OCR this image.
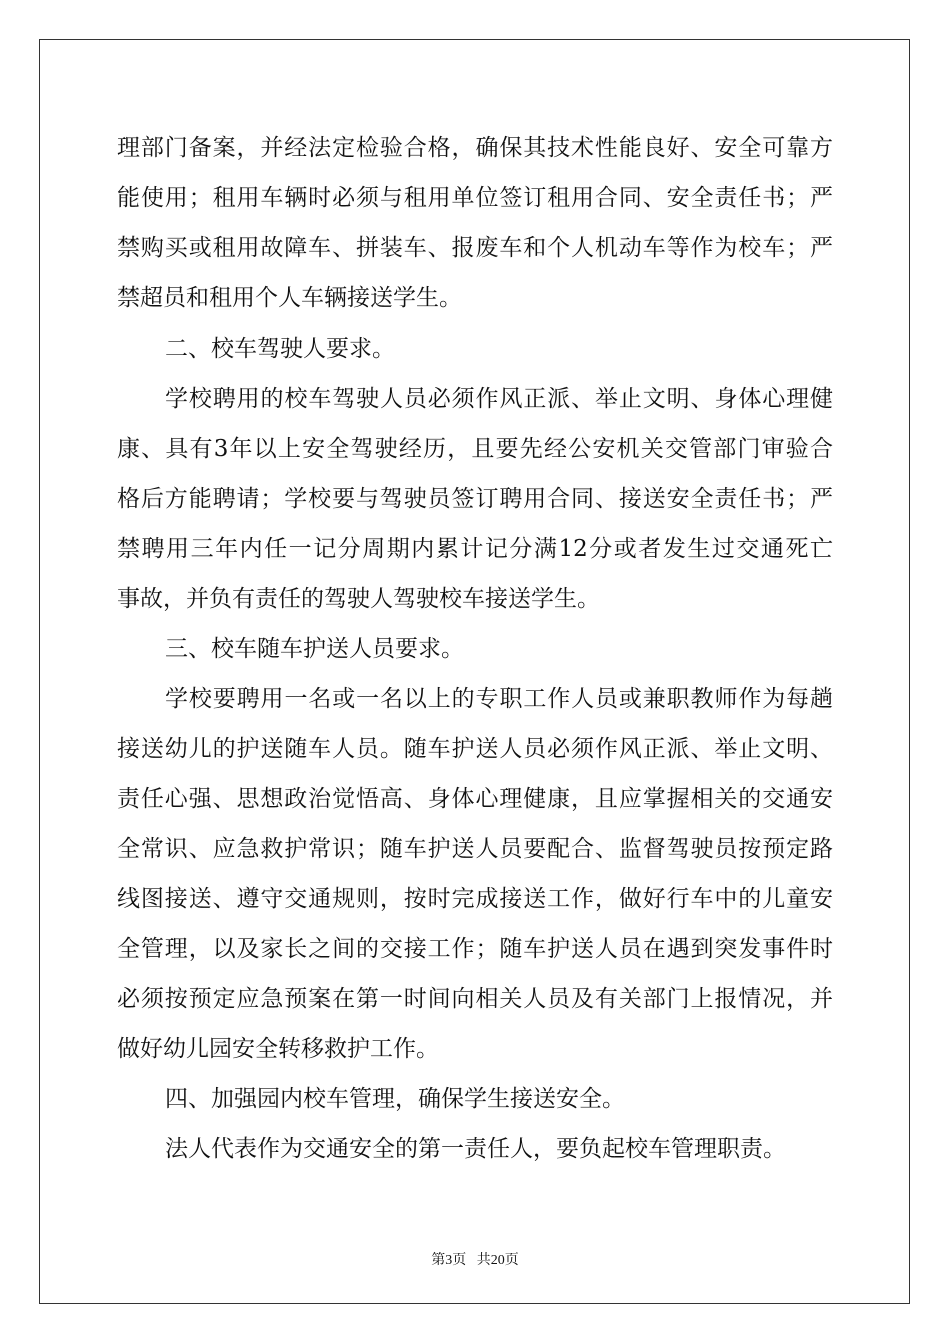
理部门备案，并经法定检验合格，确保其技术性能良好、安全可靠方

能使用；租用车辆时必须与租用单位签订租用合同、安全责任书；严

禁购买或租用故障车、拼装车、报废车和个人机动车等作为校车；严

禁超员和租用个人车辆接送学生。

二、校车驾驶人要求。

学校聘用的校车驾驶人员必须作风正派、举止文明、身体心理健

康、具有3年以上安全驾驶经历，且要先经公安机关交管部门审验合

格后方能聘请；学校要与驾驶员签订聘用合同、接送安全责任书；严

禁聘用三年内任一记分周期内累计记分满12分或者发生过交通死亡

事故，并负有责任的驾驶人驾驶校车接送学生。

三、校车随车护送人员要求。

学校要聘用一名或一名以上的专职工作人员或兼职教师作为每趟

接送幼儿的护送随车人员。随车护送人员必须作风正派、举止文明、

责任心强、思想政治觉悟高、身体心理健康，且应掌握相关的交通安

全常识、应急救护常识；随车护送人员要配合、监督驾驶员按预定路

线图接送、遵守交通规则，按时完成接送工作，做好行车中的儿童安

全管理，以及家长之间的交接工作；随车护送人员在遇到突发事件时

必须按预定应急预案在第一时间向相关人员及有关部门上报情况，并

做好幼儿园安全转移救护工作。

四、加强园内校车管理，确保学生接送安全。

法人代表作为交通安全的第一责任人，要负起校车管理职责。

第3页 共20页
